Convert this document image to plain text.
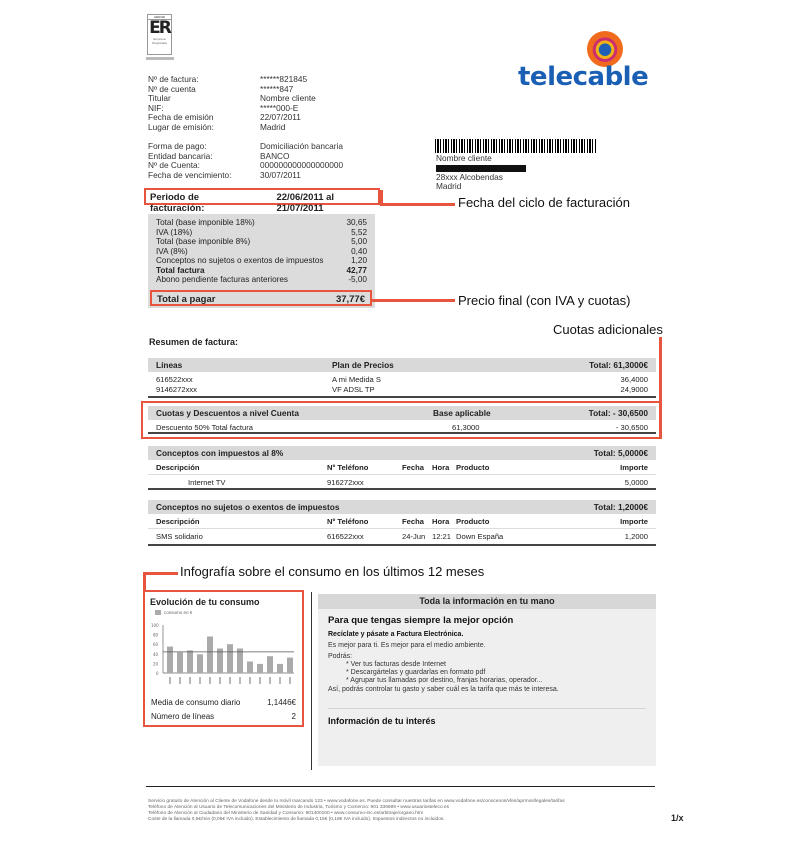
AENOR
ER
Empresa Registrada
telecable
Nº de factura:	******821845
Nº de cuenta	******847
Titular	Nombre cliente
NIF:	*****000-E
Fecha de emisión	22/07/2011
Lugar de emisión:	Madrid
Forma de pago:	Domiciliación bancaria
Entidad bancaria:	BANCO
Nº de Cuenta:	000000000000000000
Fecha de vencimiento:	30/07/2011
Nombre cliente
28xxx Alcobendas
Madrid
Periodo de facturación:
22/06/2011 al 21/07/2011	Fecha del ciclo de facturación
Total (base imponible 18%)	30,65
IVA (18%)	5,52
Total (base imponible 8%)	5,00
IVA (8%)	0,40
Conceptos no sujetos o exentos de impuestos	1,20
Total factura	42,77
Abono pendiente facturas anteriores	-5,00
Total a pagar	37,77€	Precio final (con IVA y cuotas)
Cuotas adicionales
Resumen de factura:
Líneas	Plan de Precios	Total: 61,3000€
616522xxx	A mi Medida S	36,4000
9146272xxx	VF ADSL TP	24,9000
Cuotas y Descuentos a nivel Cuenta	Base aplicable	Total: - 30,6500
Descuento 50% Total factura	61,3000	- 30,6500
Conceptos con impuestos al 8%	Total: 5,0000€
Descripción	Nº Teléfono	Fecha Hora Producto	Importe
Internet TV	916272xxx	5,0000
Conceptos no sujetos o exentos de impuestos	Total: 1,2000€
Descripción	Nº Teléfono	Fecha Hora Producto	Importe
SMS solidario	616522xxx	24-Jun 12:21 Down España	1,2000
Infografía sobre el consumo en los últimos 12 meses
Evolución de tu consumo
consumo en €
100
80
60
40
20
0
Media de consumo diario	1,1446€
Número de líneas	2
Toda la información en tu mano
Para que tengas siempre la mejor opción
Recíclate y pásate a Factura Electrónica.
Es mejor para ti. Es mejor para el medio ambiente.
Podrás:
* Ver tus facturas desde Internet
* Descargártelas y guardarlas en formato pdf
* Agrupar tus llamadas por destino, franjas horarias, operador...
Así, podrás controlar tu gasto y saber cuál es la tarifa que más te interesa.
Información de tu interés
Servicio gratuito de Atención al Cliente de Vodafone desde tu móvil marcando 123 • www.vodafone.es. Puede consultar nuestras tarifas en www.vodafone.es/conocenos/vfes/aprmos/legales/tarifas
Teléfono de Atención al Usuario de Telecomunicaciones del Ministerio de Industria, Turismo y Comercio: 901 336699 • www.usuariosteleco.es
Teléfono de Atención al Ciudadano del Ministerio de Sanidad y Consumo: 901400100 • www.consumo-inc.es/arbitraje/organo.htm
Coste de la llamada 0,5€/min (0,05€ IVA incluido). Establecimiento de llamada 0,15€ (0,18€ IVA incluido). Impuestos indirectos no incluidos.	1/x
